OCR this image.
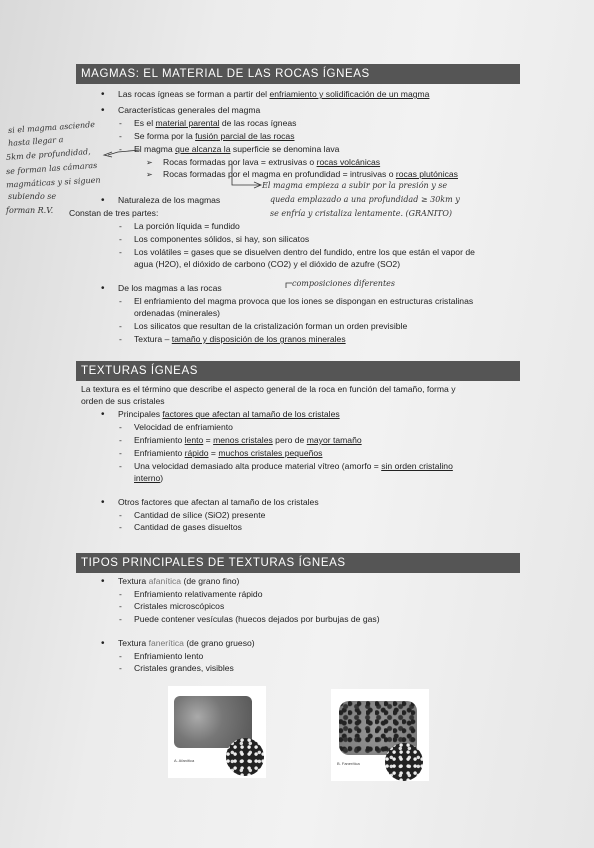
MAGMAS: EL MATERIAL DE LAS ROCAS ÍGNEAS
• Las rocas ígneas se forman a partir del enfriamiento y solidificación de un magma
• Características generales del magma
- Es el material parental de las rocas ígneas
- Se forma por la fusión parcial de las rocas
- El magma que alcanza la superficie se denomina lava
➢ Rocas formadas por lava = extrusivas o rocas volcánicas
➢ Rocas formadas por el magma en profundidad = intrusivas o rocas plutónicas
• Naturaleza de los magmas
Constan de tres partes:
- La porción líquida = fundido
- Los componentes sólidos, si hay, son silicatos
- Los volátiles = gases que se disuelven dentro del fundido, entre los que están el vapor de
agua (H2O), el dióxido de carbono (CO2) y el dióxido de azufre (SO2)
• De los magmas a las rocas
- El enfriamiento del magma provoca que los iones se dispongan en estructuras cristalinas
ordenadas (minerales)
- Los silicatos que resultan de la cristalización forman un orden previsible
- Textura – tamaño y disposición de los granos minerales
TEXTURAS ÍGNEAS
La textura es el término que describe el aspecto general de la roca en función del tamaño, forma y
orden de sus cristales
• Principales factores que afectan al tamaño de los cristales
- Velocidad de enfriamiento
- Enfriamiento lento = menos cristales pero de mayor tamaño
- Enfriamiento rápido = muchos cristales pequeños
- Una velocidad demasiado alta produce material vítreo (amorfo = sin orden cristalino
interno)
• Otros factores que afectan al tamaño de los cristales
- Cantidad de sílice (SiO2) presente
- Cantidad de gases disueltos
TIPOS PRINCIPALES DE TEXTURAS ÍGNEAS
• Textura afanítica (de grano fino)
- Enfriamiento relativamente rápido
- Cristales microscópicos
- Puede contener vesículas (huecos dejados por burbujas de gas)
• Textura fanerítica (de grano grueso)
- Enfriamiento lento
- Cristales grandes, visibles
A. Afanítica
B. Fanerítica
si el magma asciende
hasta llegar a
5km de profundidad,
se forman las cámaras
magmáticas y si siguen
subiendo se
forman R.V.
El magma empieza a subir por la presión y se
queda emplazado a una profundidad ≥ 30km y
se enfría y cristaliza lentamente. (GRANITO)
composiciones diferentes
